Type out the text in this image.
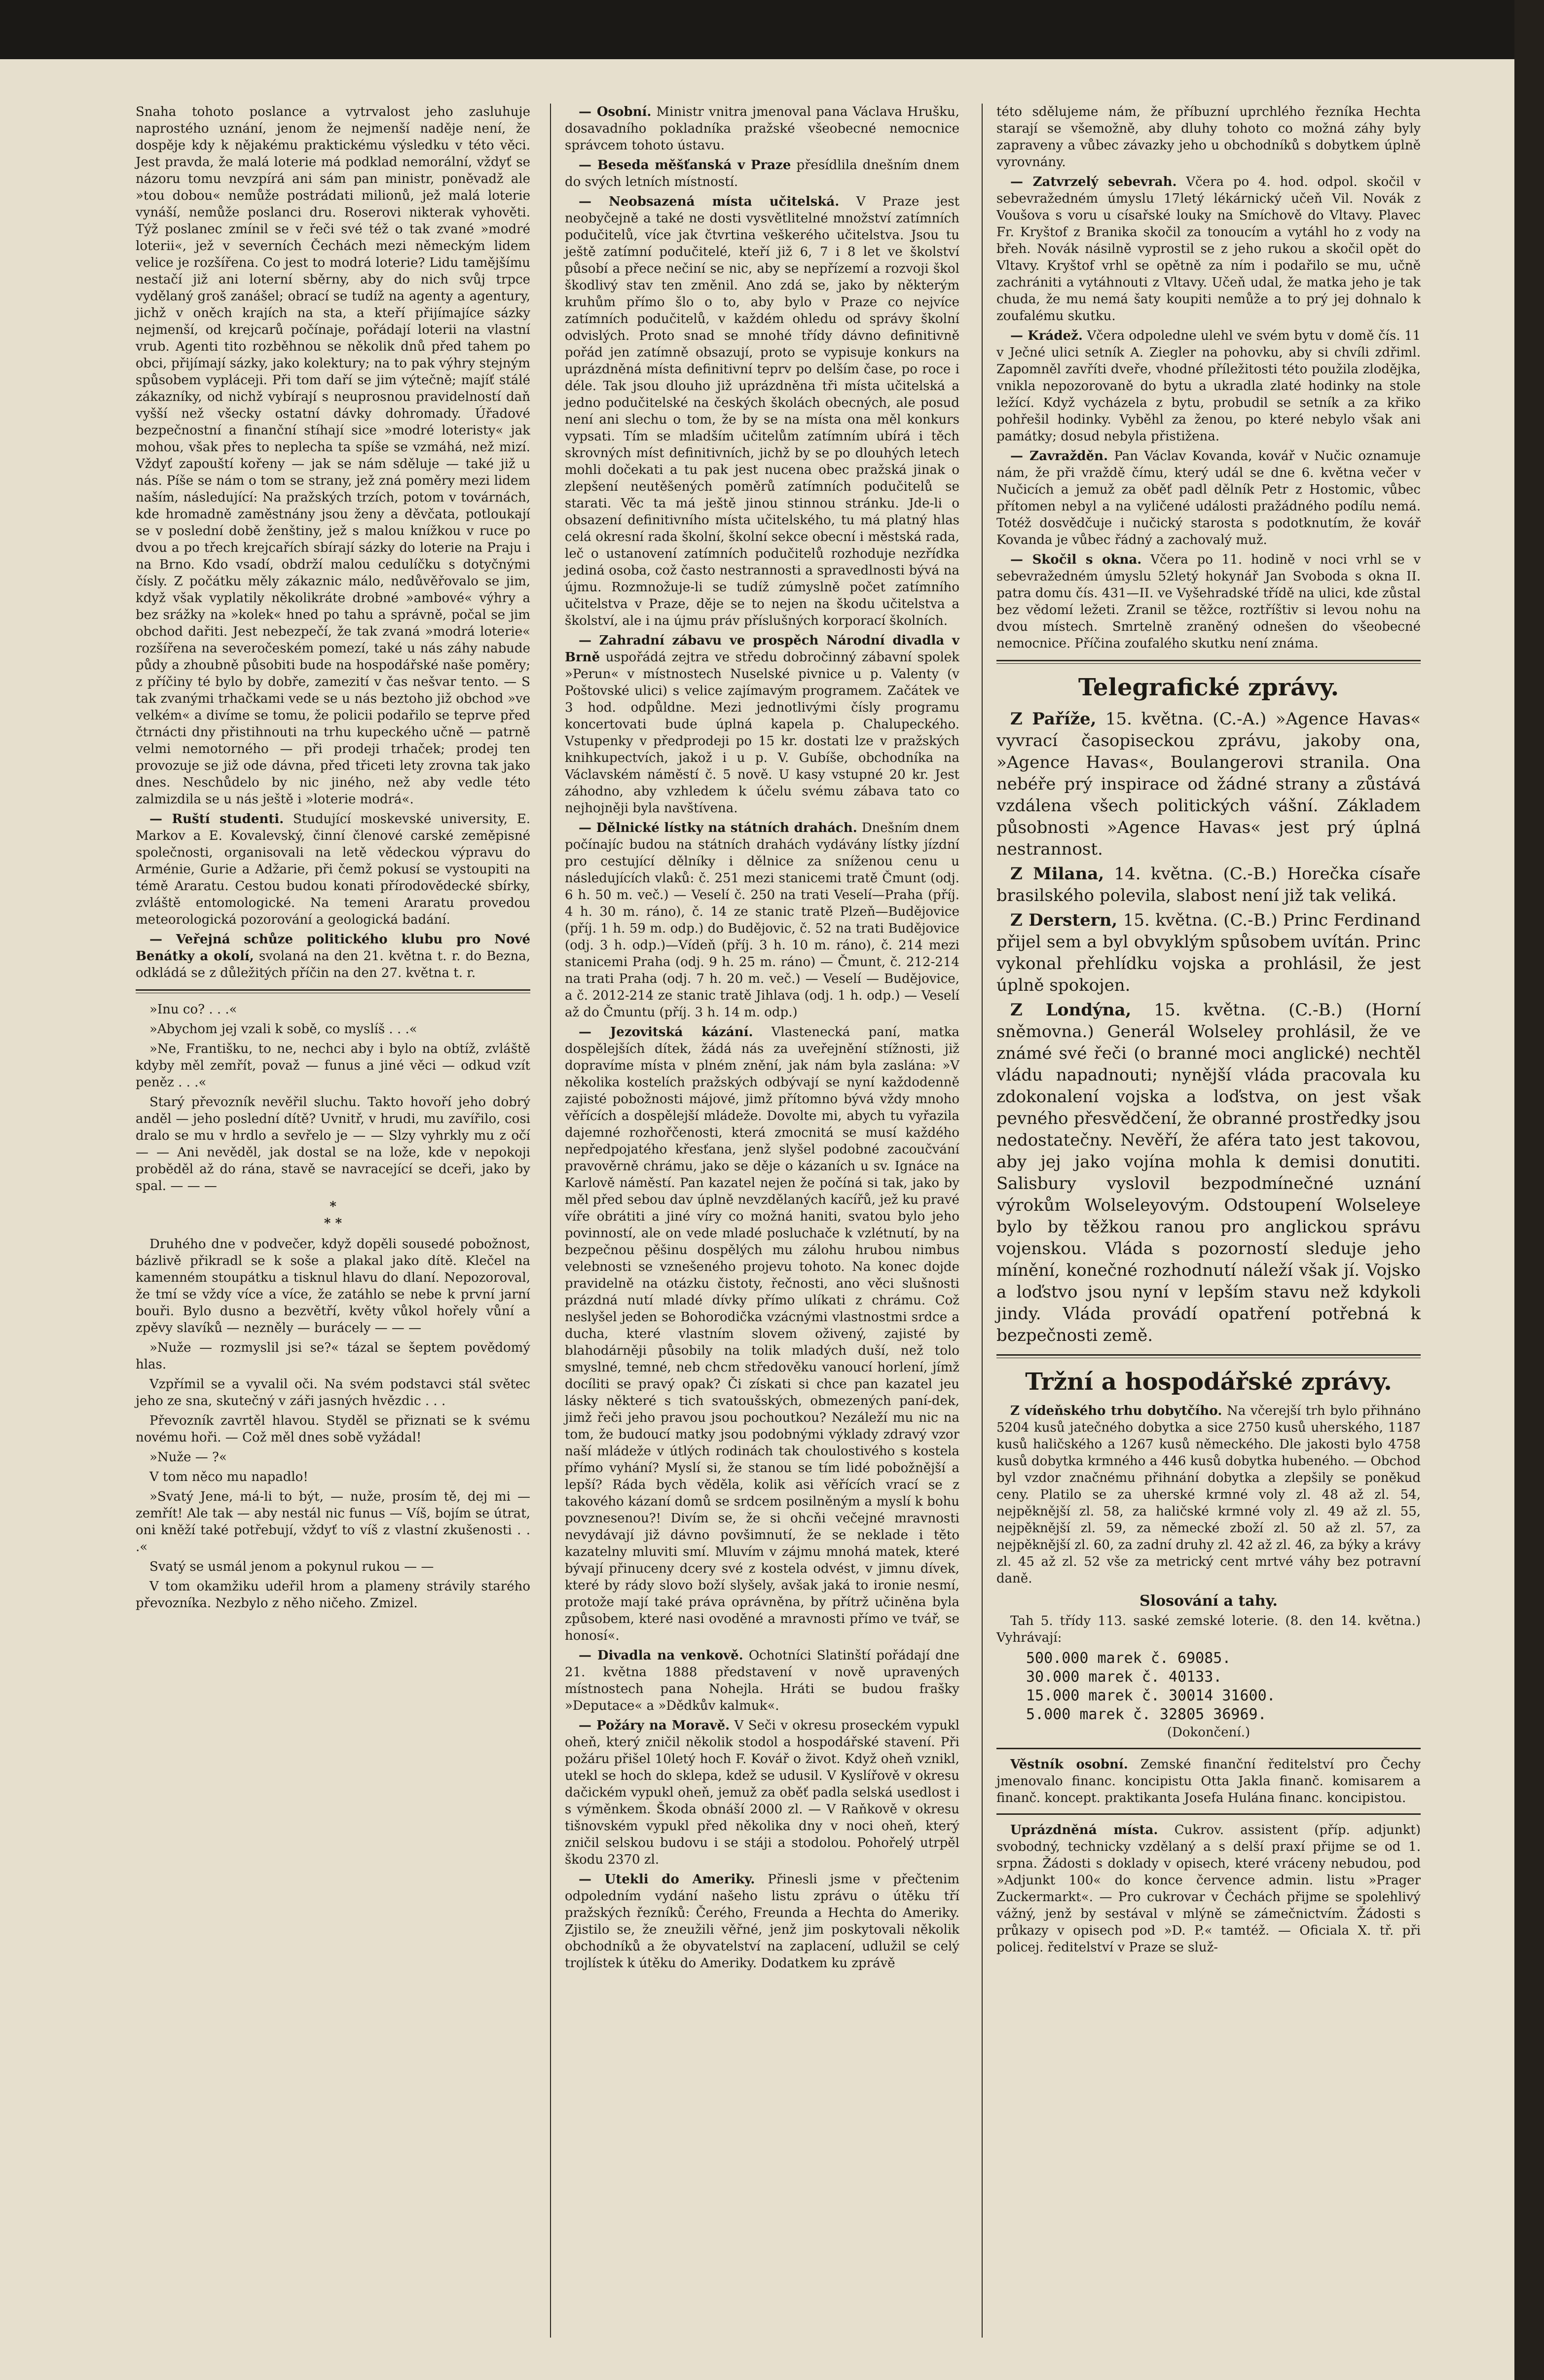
Snaha tohoto poslance a vytrvalost jeho zasluhuje naprostého uznání, jenom že nejmenší naděje není, že dospěje kdy k nějakému praktickému výsledku v této věci. Jest pravda, že malá loterie má podklad nemorální, vždyť se názoru tomu nevzpírá ani sám pan ministr, poněvadž ale »tou dobou« nemůže postrádati milionů, jež malá loterie vynáší, nemůže poslanci dru. Roserovi nikterak vyhověti. Týž poslanec zmínil se v řeči své též o tak zvané »modré loterii«, jež v severních Čechách mezi německým lidem velice je rozšířena. Co jest to modrá loterie? Lidu tamějšímu nestačí již ani loterní sběrny, aby do nich svůj trpce vydělaný groš zanášel; obrací se tudíž na agenty a agentury, jichž v oněch krajích na sta, a kteří přijímajíce sázky nejmenší, od krejcarů počínaje, pořádají loterii na vlastní vrub. Agenti tito rozběhnou se několik dnů před tahem po obci, přijímají sázky, jako kolektury; na to pak výhry stejným spůsobem vypláceji. Při tom daří se jim výtečně; majíť stálé zákazníky, od nichž vybírají s neuprosnou pravidelností daň vyšší než všecky ostatní dávky dohromady. Úřadové bezpečnostní a finanční stíhají sice »modré loteristy« jak mohou, však přes to neplecha ta spíše se vzmáhá, než mizí. Vždyť zapouští kořeny — jak se nám sděluje — také již u nás. Píše se nám o tom se strany, jež zná poměry mezi lidem naším, následující: Na pražských trzích, potom v továrnách, kde hromadně zaměstnány jsou ženy a děvčata, potloukají se v poslední době ženštiny, jež s malou knížkou v ruce po dvou a po třech krejcařích sbírají sázky do loterie na Praju i na Brno. Kdo vsadí, obdrží malou cedulíčku s dotyčnými čísly. Z počátku měly zákaznic málo, nedůvěřovalo se jim, když však vyplatily několikráte drobné »ambové« výhry a bez srážky na »kolek« hned po tahu a správně, počal se jim obchod dařiti. Jest nebezpečí, že tak zvaná »modrá loterie« rozšířena na severočeském pomezí, také u nás záhy nabude půdy a zhoubně působiti bude na hospodářské naše poměry; z příčiny té bylo by dobře, zamezití v čas nešvar tento. — S tak zvanými trhačkami vede se u nás beztoho již obchod »ve velkém« a divíme se tomu, že policii podařilo se teprve před čtrnácti dny přistihnouti na trhu kupeckého učně — patrně velmi nemotorného — při prodeji trhaček; prodej ten provozuje se již ode dávna, před třiceti lety zrovna tak jako dnes. Neschůdelo by nic jiného, než aby vedle této zalmizdila se u nás ještě i »loterie modrá«.

— Ruští studenti. Studující moskevské university, E. Markov a E. Kovalevský, činní členové carské zeměpisné společnosti, organisovali na letě vědeckou výpravu do Arménie, Gurie a Adžarie, při čemž pokusí se vystoupiti na témě Araratu. Cestou budou konati přírodovědecké sbírky, zvláště entomologické. Na temeni Araratu provedou meteorologická pozorování a geologická badání.

— Veřejná schůze politického klubu pro Nové Benátky a okolí, svolaná na den 21. května t. r. do Bezna, odkládá se z důležitých příčin na den 27. května t. r.

»Inu co? . . .«

»Abychom jej vzali k sobě, co myslíš . . .«

»Ne, Františku, to ne, nechci aby i bylo na obtíž, zvláště kdyby měl zemřít, považ — funus a jiné věci — odkud vzít peněz . . .«

Starý převozník nevěřil sluchu. Takto hovoří jeho dobrý anděl — jeho poslední dítě? Uvnitř, v hrudi, mu zavířilo, cosi dralo se mu v hrdlo a sevřelo je — — Slzy vyhrkly mu z očí — — Ani nevěděl, jak dostal se na lože, kde v nepokoji proběděl až do rána, stavě se navracející se dceři, jako by spal. — — —

*
* *

Druhého dne v podvečer, když dopěli sousedé pobožnost, bázlivě přikradl se k soše a plakal jako dítě. Klečel na kamenném stoupátku a tisknul hlavu do dlaní. Nepozoroval, že tmí se vždy více a více, že zatáhlo se nebe k první jarní bouři. Bylo dusno a bezvětří, květy vůkol hořely vůní a zpěvy slavíků — nezněly — burácely — — —

»Nuže — rozmyslil jsi se?« tázal se šeptem povědomý hlas.

Vzpřímil se a vyvalil oči. Na svém podstavci stál světec jeho ze sna, skutečný v záři jasných hvězdic . . .

Převozník zavrtěl hlavou. Styděl se přiznati se k svému novému hoři. — Což měl dnes sobě vyžádal!

»Nuže — ?«

V tom něco mu napadlo!

»Svatý Jene, má-li to být, — nuže, prosím tě, dej mi — zemřít! Ale tak — aby nestál nic funus — Víš, bojím se útrat, oni kněží také potřebují, vždyť to víš z vlastní zkušenosti . . .«

Svatý se usmál jenom a pokynul rukou — —

V tom okamžiku udeřil hrom a plameny strávily starého převozníka. Nezbylo z něho ničeho. Zmizel.

— Osobní. Ministr vnitra jmenoval pana Václava Hrušku, dosavadního pokladníka pražské všeobecné nemocnice správcem tohoto ústavu.

— Beseda měšťanská v Praze přesídlila dnešním dnem do svých letních místností.

— Neobsazená místa učitelská. V Praze jest neobyčejně a také ne dosti vysvětlitelné množství zatímních podučitelů, více jak čtvrtina veškerého učitelstva. Jsou tu ještě zatímní podučitelé, kteří již 6, 7 i 8 let ve školství působí a přece nečiní se nic, aby se nepřízemí a rozvoji škol škodlivý stav ten změnil. Ano zdá se, jako by některým kruhům přímo šlo o to, aby bylo v Praze co nejvíce zatímních podučitelů, v každém ohledu od správy školní odvislých. Proto snad se mnohé třídy dávno definitivně pořád jen zatímně obsazují, proto se vypisuje konkurs na uprázdněná místa definitivní teprv po delším čase, po roce i déle. Tak jsou dlouho již uprázdněna tři místa učitelská a jedno podučitelské na českých školách obecných, ale posud není ani slechu o tom, že by se na místa ona měl konkurs vypsati. Tím se mladším učitelům zatímním ubírá i těch skrovných míst definitivních, jichž by se po dlouhých letech mohli dočekati a tu pak jest nucena obec pražská jinak o zlepšení neutěšených poměrů zatímních podučitelů se starati. Věc ta má ještě jinou stinnou stránku. Jde-li o obsazení definitivního místa učitelského, tu má platný hlas celá okresní rada školní, školní sekce obecní i městská rada, leč o ustanovení zatímních podučitelů rozhoduje nezřídka jediná osoba, což často nestrannosti a spravedlnosti bývá na újmu. Rozmnožuje-li se tudíž zúmyslně počet zatímního učitelstva v Praze, děje se to nejen na škodu učitelstva a školství, ale i na újmu práv příslušných korporací školních.

— Zahradní zábavu ve prospěch Národní divadla v Brně uspořádá zejtra ve středu dobročinný zábavní spolek »Perun« v místnostech Nuselské pivnice u p. Valenty (v Poštovské ulici) s velice zajímavým programem. Začátek ve 3 hod. odpůldne. Mezi jednotlivými čísly programu koncertovati bude úplná kapela p. Chalupeckého. Vstupenky v předprodeji po 15 kr. dostati lze v pražských knihkupectvích, jakož i u p. V. Gubíše, obchodníka na Václavském náměstí č. 5 nově. U kasy vstupné 20 kr. Jest záhodno, aby vzhledem k účelu svému zábava tato co nejhojněji byla navštívena.

— Dělnické lístky na státních drahách. Dnešním dnem počínajíc budou na státních drahách vydávány lístky jízdní pro cestující dělníky i dělnice za sníženou cenu u následujících vlaků: č. 251 mezi stanicemi tratě Čmunt (odj. 6 h. 50 m. več.) — Veselí č. 250 na trati Veselí—Praha (příj. 4 h. 30 m. ráno), č. 14 ze stanic tratě Plzeň—Budějovice (příj. 1 h. 59 m. odp.) do Budějovic, č. 52 na trati Budějovice (odj. 3 h. odp.)—Vídeň (příj. 3 h. 10 m. ráno), č. 214 mezi stanicemi Praha (odj. 9 h. 25 m. ráno) — Čmunt, č. 212-214 na trati Praha (odj. 7 h. 20 m. več.) — Veselí — Budějovice, a č. 2012-214 ze stanic tratě Jihlava (odj. 1 h. odp.) — Veselí až do Čmuntu (příj. 3 h. 14 m. odp.)

— Jezovitská kázání. Vlastenecká paní, matka dospělejších dítek, žádá nás za uveřejnění stížnosti, již dopravíme místa v plném znění, jak nám byla zaslána: »V několika kostelích pražských odbývají se nyní každodenně zajisté pobožnosti májové, jimž přítomno bývá vždy mnoho věřících a dospělejší mládeže. Dovolte mi, abych tu vyřazila dajemné rozhořčenosti, která zmocnitá se musí každého nepředpojatého křesťana, jenž slyšel podobné zacoučvání pravověrně chrámu, jako se děje o kázaních u sv. Ignáce na Karlově náměstí. Pan kazatel nejen že počíná si tak, jako by měl před sebou dav úplně nevzdělaných kacířů, jež ku pravé víře obrátiti a jiné víry co možná haniti, svatou bylo jeho povinností, ale on vede mladé posluchače k vzlétnutí, by na bezpečnou pěšinu dospělých mu zálohu hrubou nimbus velebnosti se vznešeného projevu tohoto. Na konec dojde pravidelně na otázku čistoty, řečnosti, ano věci slušnosti prázdná nutí mladé dívky přímo ulíkati z chrámu. Což neslyšel jeden se Bohorodička vzácnými vlastnostmi srdce a ducha, které vlastním slovem oživený, zajisté by blahodárněji působily na tolik mladých duší, než tolo smyslné, temné, neb chcm středověku vanoucí horlení, jímž docíliti se pravý opak? Či získati si chce pan kazatel jeu lásky některé s tich svatoušských, obmezených paní-dek, jimž řeči jeho pravou jsou pochoutkou? Nezáleží mu nic na tom, že budoucí matky jsou podobnými výklady zdravý vzor naší mládeže v útlých rodinách tak choulostivého s kostela přímo vyhání? Myslí si, že stanou se tím lidé pobožnější a lepší? Ráda bych věděla, kolik asi věřících vrací se z takového kázaní domů se srdcem posilněným a myslí k bohu povznesenou?! Divím se, že si ohcňi večejné mravnosti nevydávají již dávno povšimnutí, že se neklade i těto kazatelny mluviti smí. Mluvím v zájmu mnohá matek, které bývají přinuceny dcery své z kostela odvést, v jimnu dívek, které by rády slovo boží slyšely, avšak jaká to ironie nesmí, protože mají také práva oprávněna, by přítrž učiněna byla způsobem, které nasi ovoděné a mravnosti přímo ve tvář, se honosí«.

— Divadla na venkově. Ochotníci Slatinští pořádají dne 21. května 1888 představení v nově upravených místnostech pana Nohejla. Hráti se budou frašky »Deputace« a »Dědkův kalmuk«.

— Požáry na Moravě. V Seči v okresu proseckém vypukl oheň, který zničil několik stodol a hospodářské stavení. Při požáru přišel 10letý hoch F. Kovář o život. Když oheň vznikl, utekl se hoch do sklepa, kdež se udusil. V Kyslířově v okresu dačickém vypukl oheň, jemuž za oběť padla selská usedlost i s výměnkem. Škoda obnáší 2000 zl. — V Raňkově v okresu tišnovském vypukl před několika dny v noci oheň, který zničil selskou budovu i se stáji a stodolou. Pohořelý utrpěl škodu 2370 zl.

— Utekli do Ameriky. Přinesli jsme v přečtenim odpoledním vydání našeho listu zprávu o útěku tří pražských řezníků: Čerého, Freunda a Hechta do Ameriky. Zjistilo se, že zneužili věřné, jenž jim poskytovali několik obchodníků a že obyvatelství na zaplacení, udlužil se celý trojlístek k útěku do Ameriky. Dodatkem ku zprávě

této sdělujeme nám, že příbuzní uprchlého řezníka Hechta starají se všemožně, aby dluhy tohoto co možná záhy byly zapraveny a vůbec závazky jeho u obchodníků s dobytkem úplně vyrovnány.

— Zatvrzelý sebevrah. Včera po 4. hod. odpol. skočil v sebevražedném úmyslu 17letý lékárnický učeň Vil. Novák z Voušova s voru u císařské louky na Smíchově do Vltavy. Plavec Fr. Kryštof z Branika skočil za tonoucím a vytáhl ho z vody na břeh. Novák násilně vyprostil se z jeho rukou a skočil opět do Vltavy. Kryštof vrhl se opětně za ním i podařilo se mu, učně zachrániti a vytáhnouti z Vltavy. Učeň udal, že matka jeho je tak chuda, že mu nemá šaty koupiti nemůže a to prý jej dohnalo k zoufalému skutku.

— Krádež. Včera odpoledne ulehl ve svém bytu v domě čís. 11 v Ječné ulici setník A. Ziegler na pohovku, aby si chvíli zdřiml. Zapomněl zavříti dveře, vhodné příležitosti této použila zlodějka, vnikla nepozorovaně do bytu a ukradla zlaté hodinky na stole ležící. Když vycházela z bytu, probudil se setník a za křiko pohřešil hodinky. Vyběhl za ženou, po které nebylo však ani památky; dosud nebyla přistižena.

— Zavražděn. Pan Václav Kovanda, kovář v Nučic oznamuje nám, že při vraždě čímu, který udál se dne 6. května večer v Nučicích a jemuž za oběť padl dělník Petr z Hostomic, vůbec přítomen nebyl a na vyličené události pražádného podílu nemá. Totéž dosvědčuje i nučický starosta s podotknutím, že kovář Kovanda je vůbec řádný a zachovalý muž.

— Skočil s okna. Včera po 11. hodině v noci vrhl se v sebevražedném úmyslu 52letý hokynář Jan Svoboda s okna II. patra domu čís. 431—II. ve Vyšehradské třídě na ulici, kde zůstal bez vědomí ležeti. Zranil se těžce, roztříštiv si levou nohu na dvou místech. Smrtelně zraněný odnešen do všeobecné nemocnice. Příčina zoufalého skutku není známa.

Telegrafické zprávy.

Z Paříže, 15. května. (C.-A.) »Agence Havas« vyvrací časopiseckou zprávu, jakoby ona, »Agence Havas«, Boulangerovi stranila. Ona nebéře prý inspirace od žádné strany a zůstává vzdálena všech politických vášní. Základem působnosti »Agence Havas« jest prý úplná nestrannost.

Z Milana, 14. května. (C.-B.) Horečka císaře brasilského polevila, slabost není již tak veliká.

Z Derstern, 15. května. (C.-B.) Princ Ferdinand přijel sem a byl obvyklým spůsobem uvítán. Princ vykonal přehlídku vojska a prohlásil, že jest úplně spokojen.

Z Londýna, 15. května. (C.-B.) (Horní sněmovna.) Generál Wolseley prohlásil, že ve známé své řeči (o branné moci anglické) nechtěl vládu napadnouti; nynější vláda pracovala ku zdokonalení vojska a loďstva, on jest však pevného přesvědčení, že obranné prostředky jsou nedostatečny. Nevěří, že aféra tato jest takovou, aby jej jako vojína mohla k demisi donutiti. Salisbury vyslovil bezpodmínečné uznání výrokům Wolseleyovým. Odstoupení Wolseleye bylo by těžkou ranou pro anglickou správu vojenskou. Vláda s pozorností sleduje jeho mínění, konečné rozhodnutí náleží však jí. Vojsko a loďstvo jsou nyní v lepším stavu než kdykoli jindy. Vláda provádí opatření potřebná k bezpečnosti země.

Tržní a hospodářské zprávy.

Z vídeňského trhu dobytčího. Na včerejší trh bylo přihnáno 5204 kusů jatečného dobytka a sice 2750 kusů uherského, 1187 kusů haličského a 1267 kusů německého. Dle jakosti bylo 4758 kusů dobytka krmného a 446 kusů dobytka hubeného. — Obchod byl vzdor značnému přihnání dobytka a zlepšily se poněkud ceny. Platilo se za uherské krmné voly zl. 48 až zl. 54, nejpěknější zl. 58, za haličské krmné voly zl. 49 až zl. 55, nejpěknější zl. 59, za německé zboží zl. 50 až zl. 57, za nejpěknější zl. 60, za zadní druhy zl. 42 až zl. 46, za býky a krávy zl. 45 až zl. 52 vše za metrický cent mrtvé váhy bez potravní daně.

Slosování a tahy.

Tah 5. třídy 113. saské zemské loterie. (8. den 14. května.) Vyhrávají:

500.000 marek č. 69085.
30.000 marek č. 40133.
15.000 marek č. 30014 31600.
5.000 marek č. 32805 36969.

(Dokončení.)

Věstník osobní. Zemské finanční ředitelství pro Čechy jmenovalo financ. koncipistu Otta Jakla finanč. komisarem a finanč. koncept. praktikanta Josefa Hulána financ. koncipistou.

Uprázdněná místa. Cukrov. assistent (příp. adjunkt) svobodný, technicky vzdělaný a s delší praxí přijme se od 1. srpna. Žádosti s doklady v opisech, které vráceny nebudou, pod »Adjunkt 100« do konce července admin. listu »Prager Zuckermarkt«. — Pro cukrovar v Čechách přijme se spolehlivý vážný, jenž by sestával v mlýně se zámečnictvím. Žádosti s průkazy v opisech pod »D. P.« tamtéž. — Oficiala X. tř. při policej. ředitelství v Praze se služ-
